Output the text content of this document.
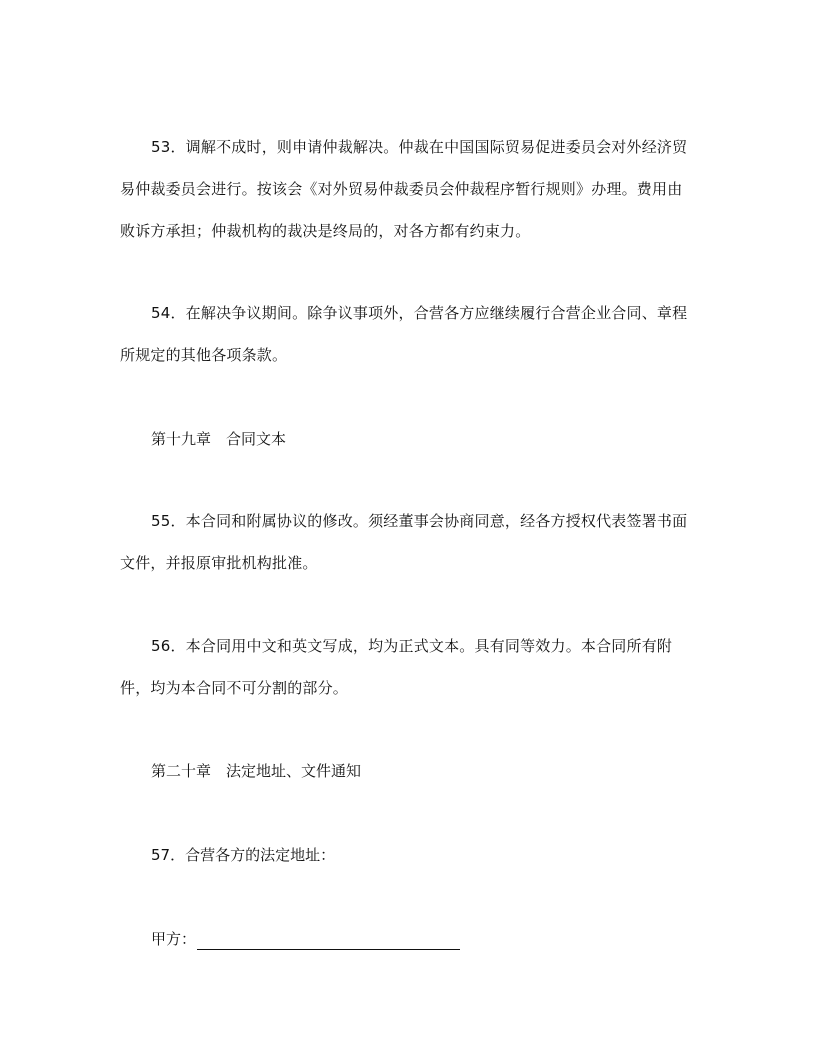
53．调解不成时，则申请仲裁解决。仲裁在中国国际贸易促进委员会对外经济贸易仲裁委员会进行。按该会《对外贸易仲裁委员会仲裁程序暂行规则》办理。费用由败诉方承担；仲裁机构的裁决是终局的，对各方都有约束力。

54．在解决争议期间。除争议事项外，合营各方应继续履行合营企业合同、章程所规定的其他各项条款。

第十九章　合同文本

55．本合同和附属协议的修改。须经董事会协商同意，经各方授权代表签署书面文件，并报原审批机构批准。

56．本合同用中文和英文写成，均为正式文本。具有同等效力。本合同所有附件，均为本合同不可分割的部分。

第二十章　法定地址、文件通知

57．合营各方的法定地址：

甲方：
